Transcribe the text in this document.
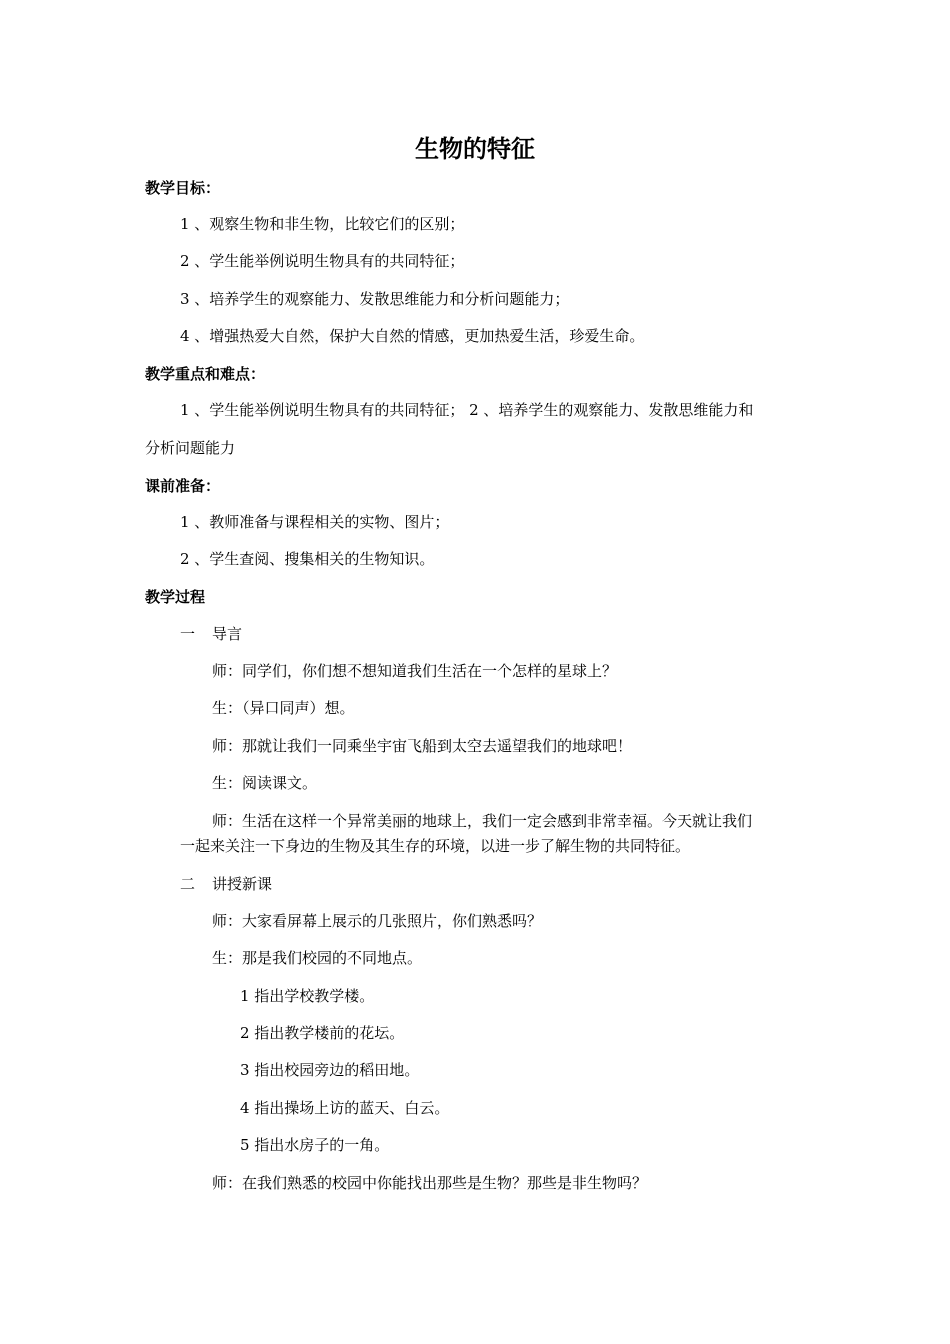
生物的特征
教学目标：
1 、观察生物和非生物，比较它们的区别；
2 、学生能举例说明生物具有的共同特征；
3 、培养学生的观察能力、发散思维能力和分析问题能力；
4 、增强热爱大自然，保护大自然的情感，更加热爱生活，珍爱生命。
教学重点和难点：
1 、学生能举例说明生物具有的共同特征； 2 、培养学生的观察能力、发散思维能力和
分析问题能力
课前准备：
1 、教师准备与课程相关的实物、图片；
2 、学生查阅、搜集相关的生物知识。
教学过程
一 导言
师：同学们，你们想不想知道我们生活在一个怎样的星球上？
生：（异口同声）想。
师：那就让我们一同乘坐宇宙飞船到太空去遥望我们的地球吧！
生：阅读课文。
师：生活在这样一个异常美丽的地球上，我们一定会感到非常幸福。今天就让我们
一起来关注一下身边的生物及其生存的环境，以进一步了解生物的共同特征。
二 讲授新课
师：大家看屏幕上展示的几张照片，你们熟悉吗？
生：那是我们校园的不同地点。
1 指出学校教学楼。
2 指出教学楼前的花坛。
3 指出校园旁边的稻田地。
4 指出操场上访的蓝天、白云。
5 指出水房子的一角。
师：在我们熟悉的校园中你能找出那些是生物？那些是非生物吗？
